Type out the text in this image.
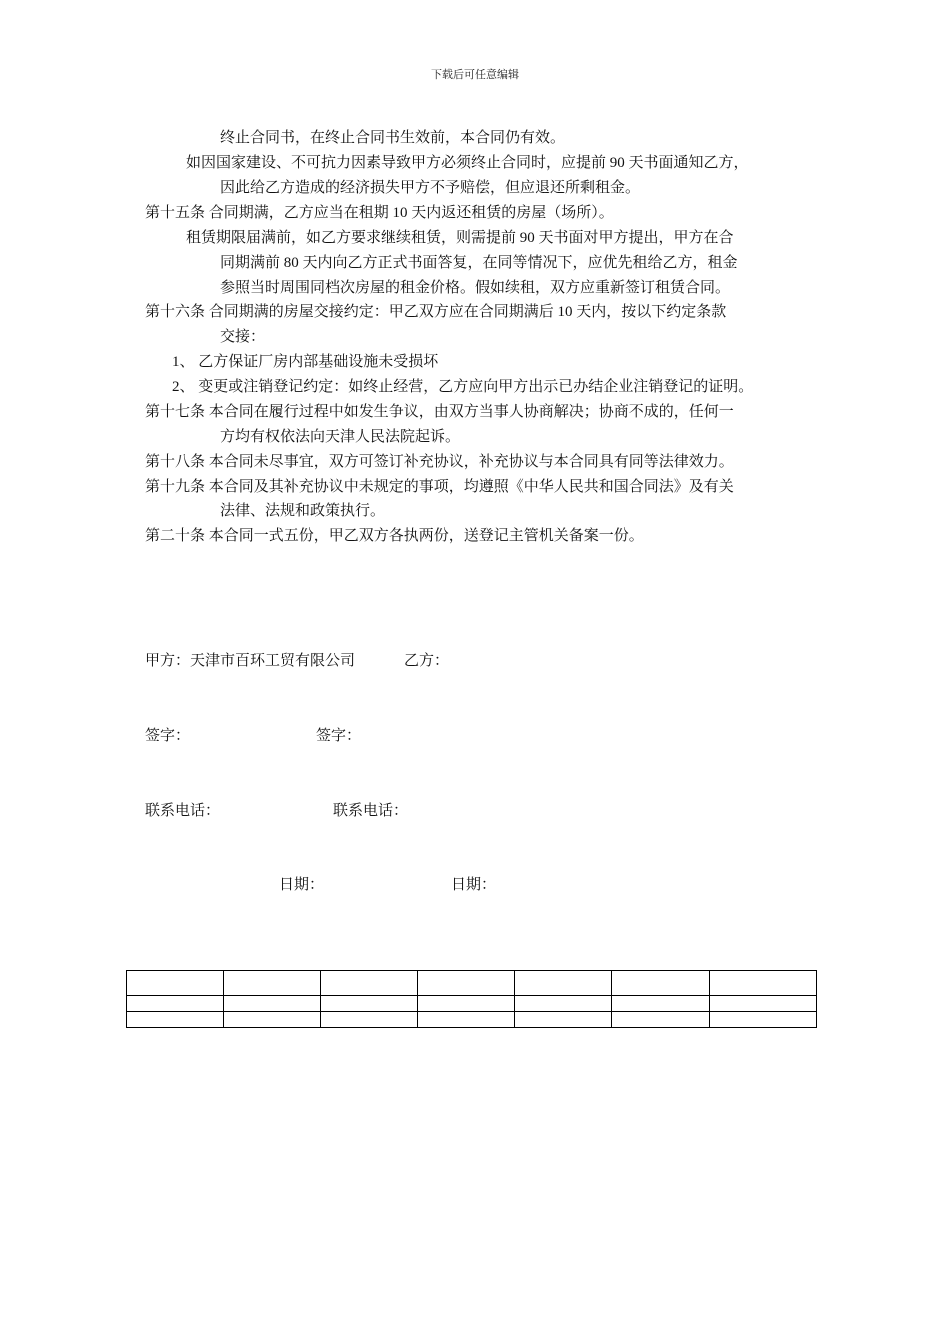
下载后可任意编辑
终止合同书，在终止合同书生效前，本合同仍有效。
如因国家建设、不可抗力因素导致甲方必须终止合同时，应提前 90 天书面通知乙方，
因此给乙方造成的经济损失甲方不予赔偿，但应退还所剩租金。
第十五条 合同期满，乙方应当在租期 10 天内返还租赁的房屋（场所）。
租赁期限届满前，如乙方要求继续租赁，则需提前 90 天书面对甲方提出，甲方在合
同期满前 80 天内向乙方正式书面答复，在同等情况下，应优先租给乙方，租金
参照当时周围同档次房屋的租金价格。假如续租，双方应重新签订租赁合同。
第十六条 合同期满的房屋交接约定：甲乙双方应在合同期满后 10 天内，按以下约定条款
交接：
1、 乙方保证厂房内部基础设施未受损坏
2、 变更或注销登记约定：如终止经营，乙方应向甲方出示已办结企业注销登记的证明。
第十七条 本合同在履行过程中如发生争议，由双方当事人协商解决；协商不成的，任何一
方均有权依法向天津人民法院起诉。
第十八条 本合同未尽事宜，双方可签订补充协议，补充协议与本合同具有同等法律效力。
第十九条 本合同及其补充协议中未规定的事项，均遵照《中华人民共和国合同法》及有关
法律、法规和政策执行。
第二十条 本合同一式五份，甲乙双方各执两份，送登记主管机关备案一份。
甲方：天津市百环工贸有限公司	乙方：
签字：	签字：
联系电话：	联系电话：
日期：	日期：
